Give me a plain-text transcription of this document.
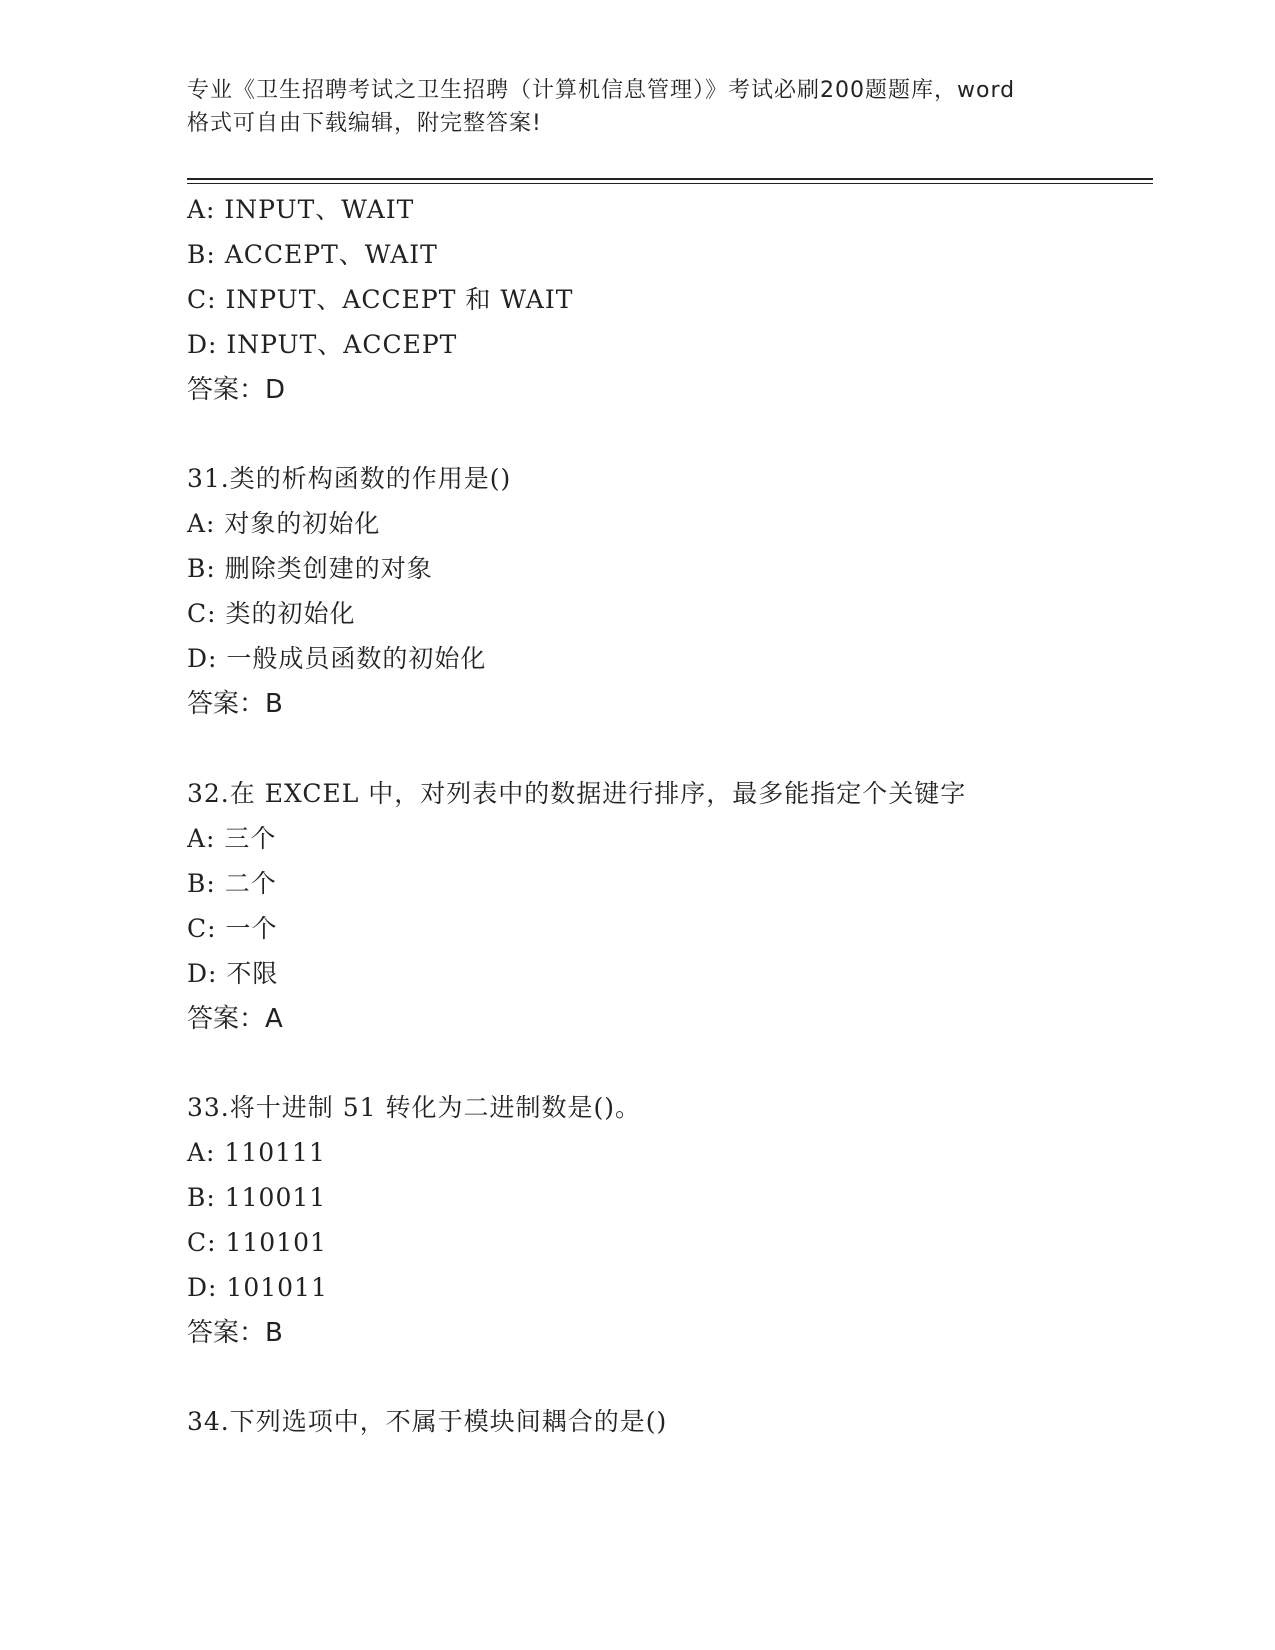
专业《卫生招聘考试之卫生招聘（计算机信息管理）》考试必刷200题题库，word
格式可自由下载编辑，附完整答案!
A: INPUT、WAIT
B: ACCEPT、WAIT
C: INPUT、ACCEPT 和 WAIT
D: INPUT、ACCEPT
答案：D
31.类的析构函数的作用是()
A: 对象的初始化
B: 删除类创建的对象
C: 类的初始化
D: 一般成员函数的初始化
答案：B
32.在 EXCEL 中，对列表中的数据进行排序，最多能指定个关键字
A: 三个
B: 二个
C: 一个
D: 不限
答案：A
33.将十进制 51 转化为二进制数是()。
A: 110111
B: 110011
C: 110101
D: 101011
答案：B
34.下列选项中，不属于模块间耦合的是()
